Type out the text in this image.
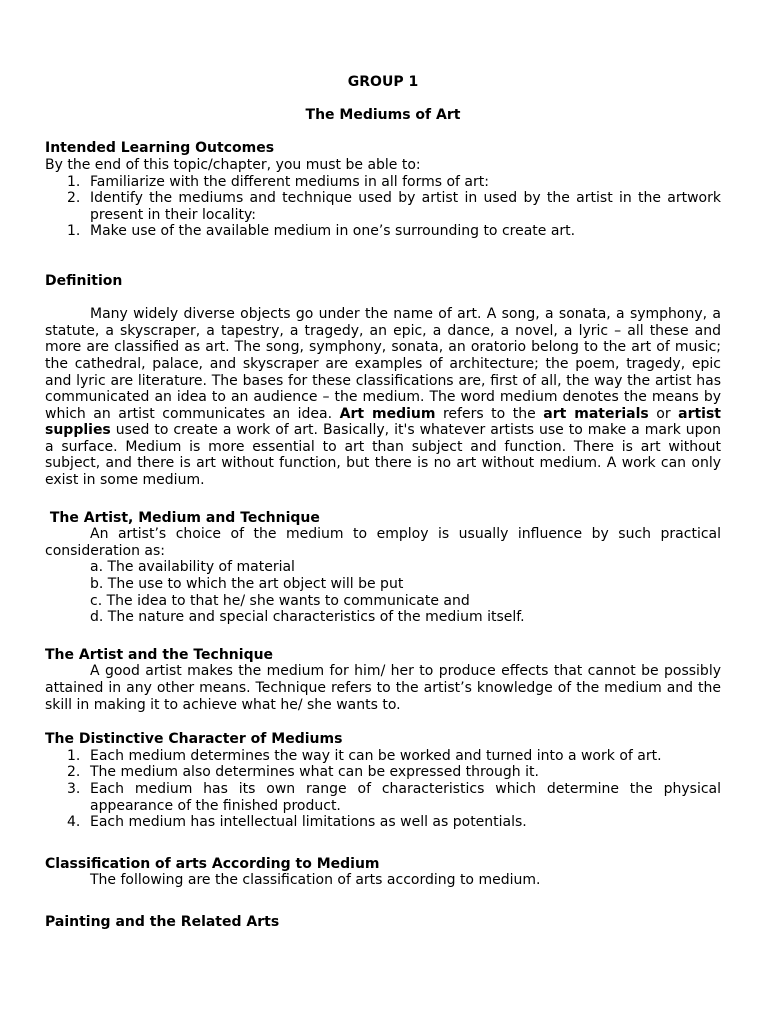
GROUP 1

The Mediums of Art

Intended Learning Outcomes

By the end of this topic/chapter, you must be able to:

1. Familiarize with the different mediums in all forms of art:
2. Identify the mediums and technique used by artist in used by the artist in the artwork present in their locality:
1. Make use of the available medium in one’s surrounding to create art.

Definition

Many widely diverse objects go under the name of art. A song, a sonata, a symphony, a statute, a skyscraper, a tapestry, a tragedy, an epic, a dance, a novel, a lyric – all these and more are classified as art. The song, symphony, sonata, an oratorio belong to the art of music; the cathedral, palace, and skyscraper are examples of architecture; the poem, tragedy, epic and lyric are literature. The bases for these classifications are, first of all, the way the artist has communicated an idea to an audience – the medium. The word medium denotes the means by which an artist communicates an idea. Art medium refers to the art materials or artist supplies used to create a work of art. Basically, it's whatever artists use to make a mark upon a surface. Medium is more essential to art than subject and function. There is art without subject, and there is art without function, but there is no art without medium. A work can only exist in some medium.

The Artist, Medium and Technique

An artist’s choice of the medium to employ is usually influence by such practical consideration as:

a. The availability of material

b. The use to which the art object will be put

c. The idea to that he/ she wants to communicate and

d. The nature and special characteristics of the medium itself.

The Artist and the Technique

A good artist makes the medium for him/ her to produce effects that cannot be possibly attained in any other means. Technique refers to the artist’s knowledge of the medium and the skill in making it to achieve what he/ she wants to.

The Distinctive Character of Mediums

1. Each medium determines the way it can be worked and turned into a work of art.
2. The medium also determines what can be expressed through it.
3. Each medium has its own range of characteristics which determine the physical appearance of the finished product.
4. Each medium has intellectual limitations as well as potentials.

Classification of arts According to Medium

The following are the classification of arts according to medium.

Painting and the Related Arts
